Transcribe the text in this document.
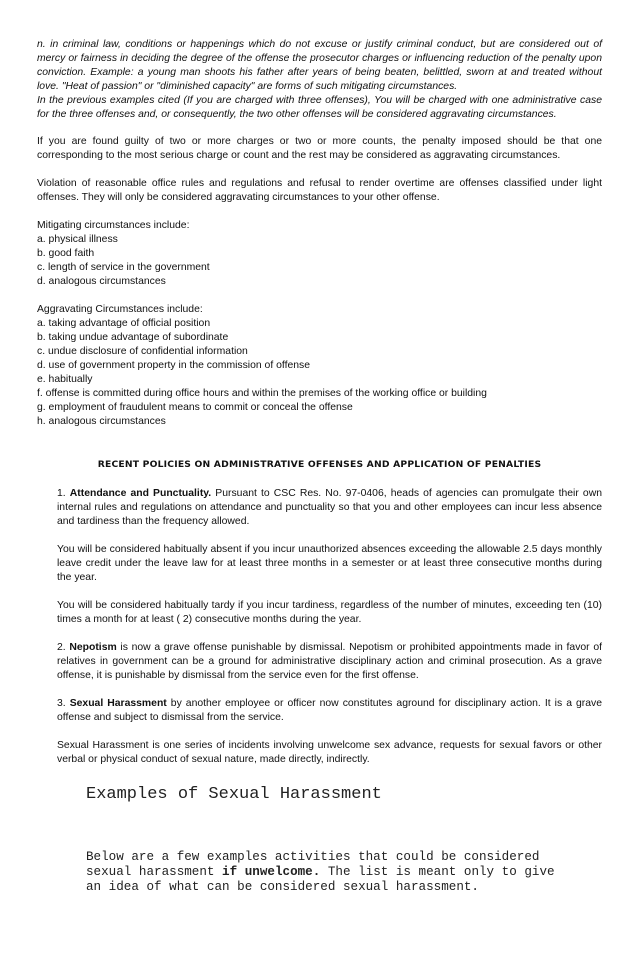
n. in criminal law, conditions or happenings which do not excuse or justify criminal conduct, but are considered out of mercy or fairness in deciding the degree of the offense the prosecutor charges or influencing reduction of the penalty upon conviction. Example: a young man shoots his father after years of being beaten, belittled, sworn at and treated without love. "Heat of passion" or "diminished capacity" are forms of such mitigating circumstances.

In the previous examples cited (If you are charged with three offenses), You will be charged with one administrative case for the three offenses and, or consequently, the two other offenses will be considered aggravating circumstances.

If you are found guilty of two or more charges or two or more counts, the penalty imposed should be that one corresponding to the most serious charge or count and the rest may be considered as aggravating circumstances.

Violation of reasonable office rules and regulations and refusal to render overtime are offenses classified under light offenses. They will only be considered aggravating circumstances to your other offense.

Mitigating circumstances include:
a. physical illness
b. good faith
c. length of service in the government
d. analogous circumstances
Aggravating Circumstances include:
a. taking advantage of official position
b. taking undue advantage of subordinate
c. undue disclosure of confidential information
d. use of government property in the commission of offense
e. habitually
f. offense is committed during office hours and within the premises of the working office or building
g. employment of fraudulent means to commit or conceal the offense
h. analogous circumstances
RECENT POLICIES ON ADMINISTRATIVE OFFENSES AND APPLICATION OF PENALTIES

1. Attendance and Punctuality. Pursuant to CSC Res. No. 97-0406, heads of agencies can promulgate their own internal rules and regulations on attendance and punctuality so that you and other employees can incur less absence and tardiness than the frequency allowed.

You will be considered habitually absent if you incur unauthorized absences exceeding the allowable 2.5 days monthly leave credit under the leave law for at least three months in a semester or at least three consecutive months during the year.

You will be considered habitually tardy if you incur tardiness, regardless of the number of minutes, exceeding ten (10) times a month for at least ( 2) consecutive months during the year.

2. Nepotism is now a grave offense punishable by dismissal. Nepotism or prohibited appointments made in favor of relatives in government can be a ground for administrative disciplinary action and criminal prosecution. As a grave offense, it is punishable by dismissal from the service even for the first offense.

3. Sexual Harassment by another employee or officer now constitutes aground for disciplinary action. It is a grave offense and subject to dismissal from the service.

Sexual Harassment is one series of incidents involving unwelcome sex advance, requests for sexual favors or other verbal or physical conduct of sexual nature, made directly, indirectly.

Examples of Sexual Harassment

Below are a few examples activities that could be considered sexual harassment if unwelcome. The list is meant only to give an idea of what can be considered sexual harassment.
